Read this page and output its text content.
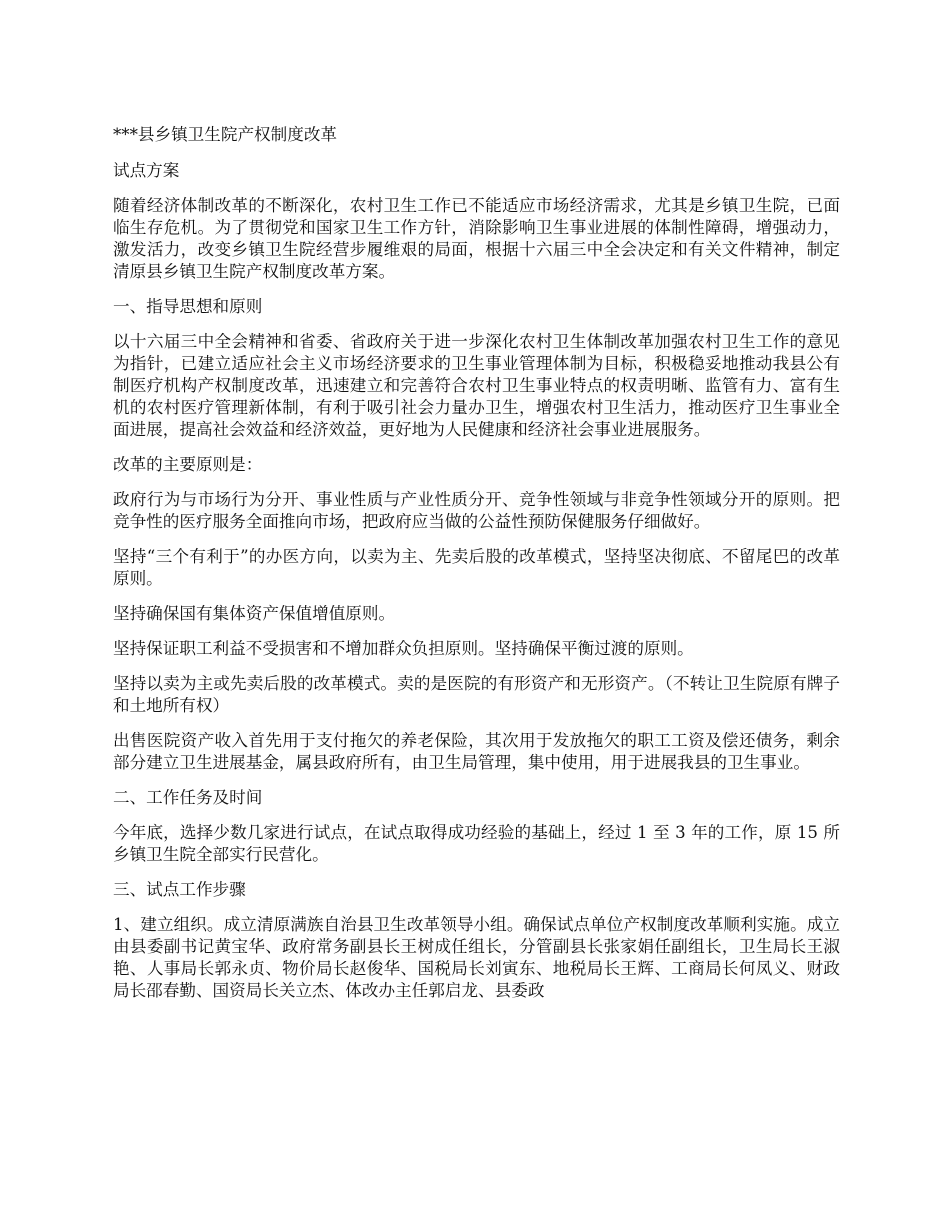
***县乡镇卫生院产权制度改革

试点方案

随着经济体制改革的不断深化，农村卫生工作已不能适应市场经济需求，尤其是乡镇卫生院，已面临生存危机。为了贯彻党和国家卫生工作方针，消除影响卫生事业进展的体制性障碍，增强动力，激发活力，改变乡镇卫生院经营步履维艰的局面，根据十六届三中全会决定和有关文件精神，制定清原县乡镇卫生院产权制度改革方案。

一、指导思想和原则

以十六届三中全会精神和省委、省政府关于进一步深化农村卫生体制改革加强农村卫生工作的意见为指针，已建立适应社会主义市场经济要求的卫生事业管理体制为目标，积极稳妥地推动我县公有制医疗机构产权制度改革，迅速建立和完善符合农村卫生事业特点的权责明晰、监管有力、富有生机的农村医疗管理新体制，有利于吸引社会力量办卫生，增强农村卫生活力，推动医疗卫生事业全面进展，提高社会效益和经济效益，更好地为人民健康和经济社会事业进展服务。

改革的主要原则是：

政府行为与市场行为分开、事业性质与产业性质分开、竞争性领域与非竞争性领域分开的原则。把竞争性的医疗服务全面推向市场，把政府应当做的公益性预防保健服务仔细做好。

坚持“三个有利于”的办医方向，以卖为主、先卖后股的改革模式，坚持坚决彻底、不留尾巴的改革原则。

坚持确保国有集体资产保值增值原则。

坚持保证职工利益不受损害和不增加群众负担原则。坚持确保平衡过渡的原则。

坚持以卖为主或先卖后股的改革模式。卖的是医院的有形资产和无形资产。（不转让卫生院原有牌子和土地所有权）

出售医院资产收入首先用于支付拖欠的养老保险，其次用于发放拖欠的职工工资及偿还债务，剩余部分建立卫生进展基金，属县政府所有，由卫生局管理，集中使用，用于进展我县的卫生事业。

二、工作任务及时间

今年底，选择少数几家进行试点，在试点取得成功经验的基础上，经过 1 至 3 年的工作，原 15 所乡镇卫生院全部实行民营化。

三、试点工作步骤

1、建立组织。成立清原满族自治县卫生改革领导小组。确保试点单位产权制度改革顺利实施。成立由县委副书记黄宝华、政府常务副县长王树成任组长，分管副县长张家娟任副组长，卫生局长王淑艳、人事局长郭永贞、物价局长赵俊华、国税局长刘寅东、地税局长王辉、工商局长何凤义、财政局长邵春勤、国资局长关立杰、体改办主任郭启龙、县委政
